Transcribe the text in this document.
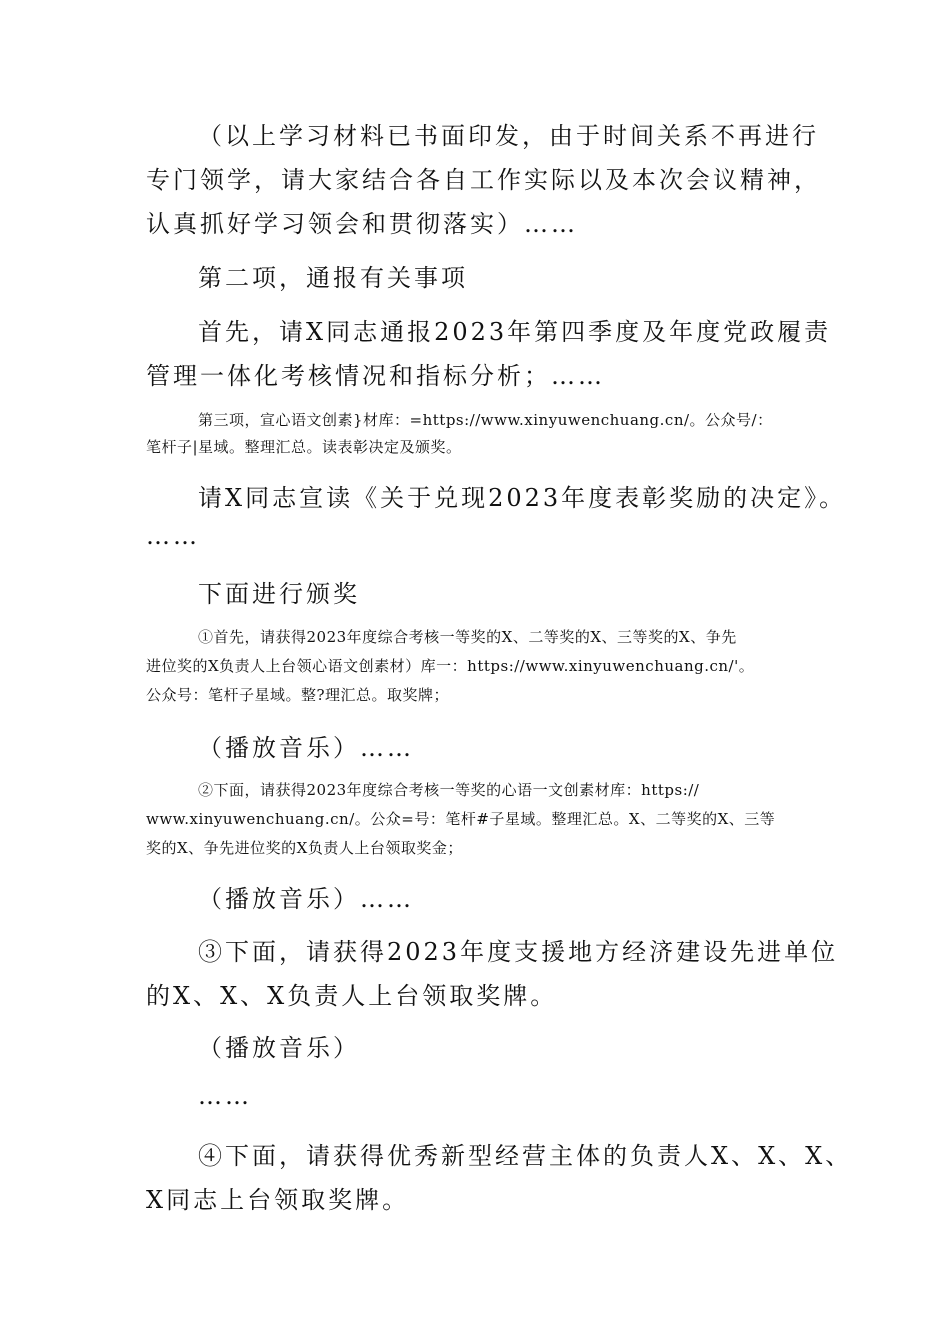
（以上学习材料已书面印发，由于时间关系不再进行

专门领学，请大家结合各自工作实际以及本次会议精神，

认真抓好学习领会和贯彻落实）……

第二项，通报有关事项

首先，请X同志通报2023年第四季度及年度党政履责

管理一体化考核情况和指标分析；……

第三项，宣心语文创素}材库：=https://www.xinyuwenchuang.cn/。公众号/：

笔杆子|星域。整理汇总。读表彰决定及颁奖。

请X同志宣读《关于兑现2023年度表彰奖励的决定》。

……

下面进行颁奖

①首先，请获得2023年度综合考核一等奖的X、二等奖的X、三等奖的X、争先

进位奖的X负责人上台领心语文创素材）库一：https://www.xinyuwenchuang.cn/'。

公众号：笔杆子星域。整?理汇总。取奖牌；

（播放音乐）……

②下面，请获得2023年度综合考核一等奖的心语一文创素材库：https://

www.xinyuwenchuang.cn/。公众=号：笔杆#子星域。整理汇总。X、二等奖的X、三等

奖的X、争先进位奖的X负责人上台领取奖金；

（播放音乐）……

③下面，请获得2023年度支援地方经济建设先进单位

的X、X、X负责人上台领取奖牌。

（播放音乐）

……

④下面，请获得优秀新型经营主体的负责人X、X、X、

X同志上台领取奖牌。
